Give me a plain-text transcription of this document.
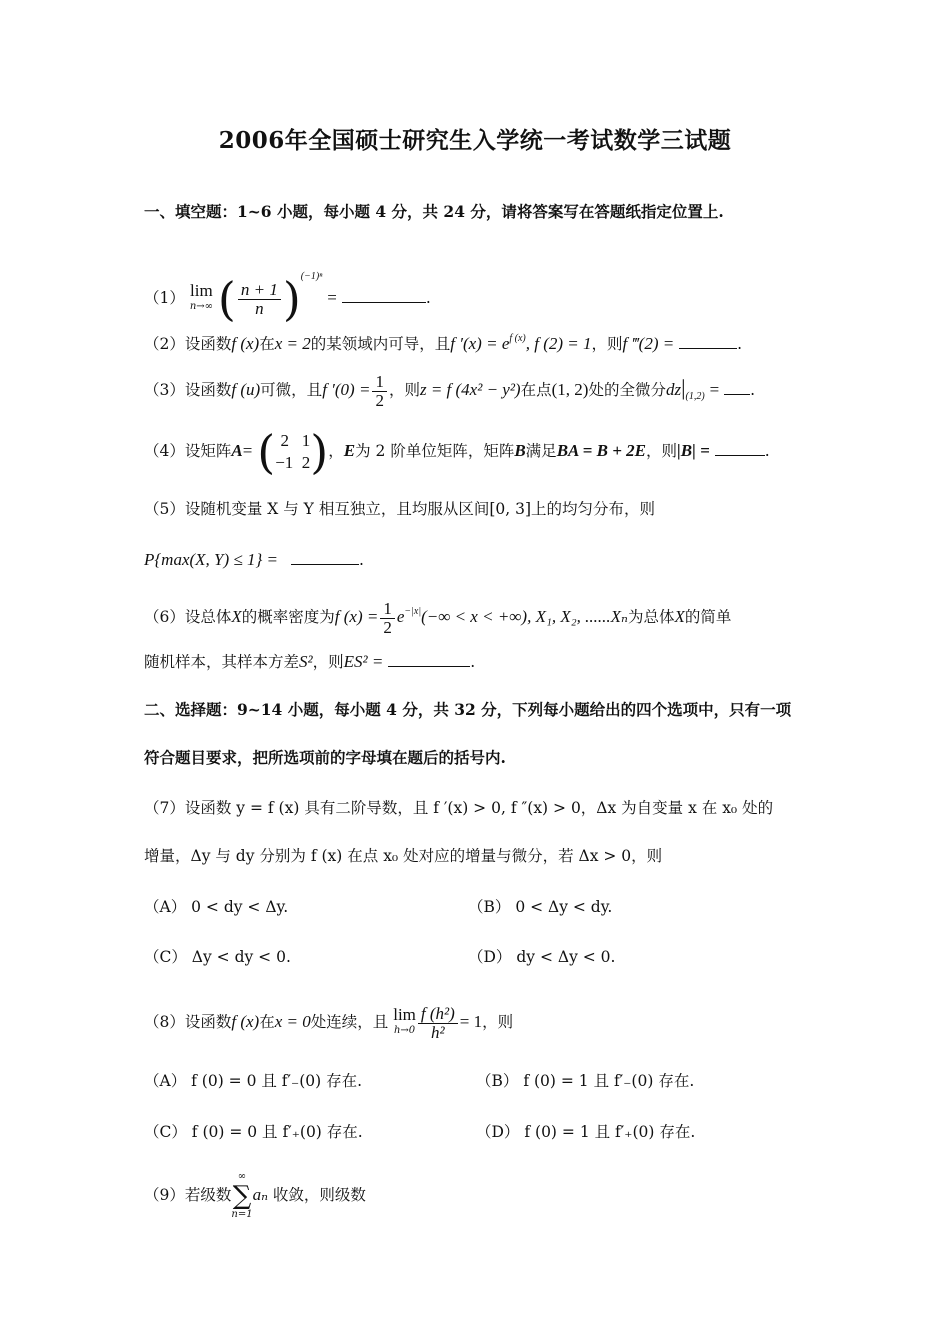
2006年全国硕士研究生入学统一考试数学三试题
一、填空题：1~6 小题，每小题 4 分，共 24 分，请将答案写在答题纸指定位置上.
（1） lim
n→∞ ( $\frac{n + 1}{n} )^{(-1)^n}$ =	.
（2）设函数f (x)在x = 2的某领域内可导，且f $'(x) = e^{f (x)}$, f (2) = 1，则f ‴(2) =	.
（3）设函数f (u)可微，且f $'(0) = \frac{1}{2}$ ，则z = f (4x² − y²)在点(1, 2)处的全微分$dz|_{(1,2)}$ = .
（4）设矩阵A= ( 2 1
−1 2)，E为 2 阶单位矩阵，矩阵B满足BA = B + 2E，则|B| =	.
（5）设随机变量 X 与 Y 相互独立，且均服从区间[0, 3]上的均匀分布，则
P{max(X, Y) ≤ 1} =	.
（6）设总体X的概率密度为f $(x) = \frac{1}{2} e^{-|x|}(-\infty < x$ < +∞), X₁, X₂, ......Xₙ为总体X的简单
随机样本，其样本方差S²，则ES² =	.
二、选择题：9~14 小题，每小题 4 分，共 32 分，下列每小题给出的四个选项中，只有一项
符合题目要求，把所选项前的字母填在题后的括号内.
（7）设函数 y = f (x) 具有二阶导数，且 f ′(x) > 0, f ″(x) > 0，Δx 为自变量 x 在 x₀ 处的
增量，Δy 与 dy 分别为 f (x) 在点 x₀ 处对应的增量与微分，若 Δx > 0，则
（A） 0 < dy < Δy.	（B） 0 < Δy < dy.
（C） Δy < dy < 0.	（D） dy < Δy < 0.
（8）设函数f (x)在x = 0处连续，且 lim
$h\to 0 \frac{\text{f (h²)}}{\text{h²}} = 1$，则
（A） f (0) = 0 且 f′₋(0) 存在.	（B） f (0) = 1 且 f′₋(0) 存在.
（C） f (0) = 0 且 f′₊(0) 存在.	（D） f (0) = 1 且 f′₊(0) 存在.
（9）若级数
∞
∑
n=1
aₙ 收敛，则级数
